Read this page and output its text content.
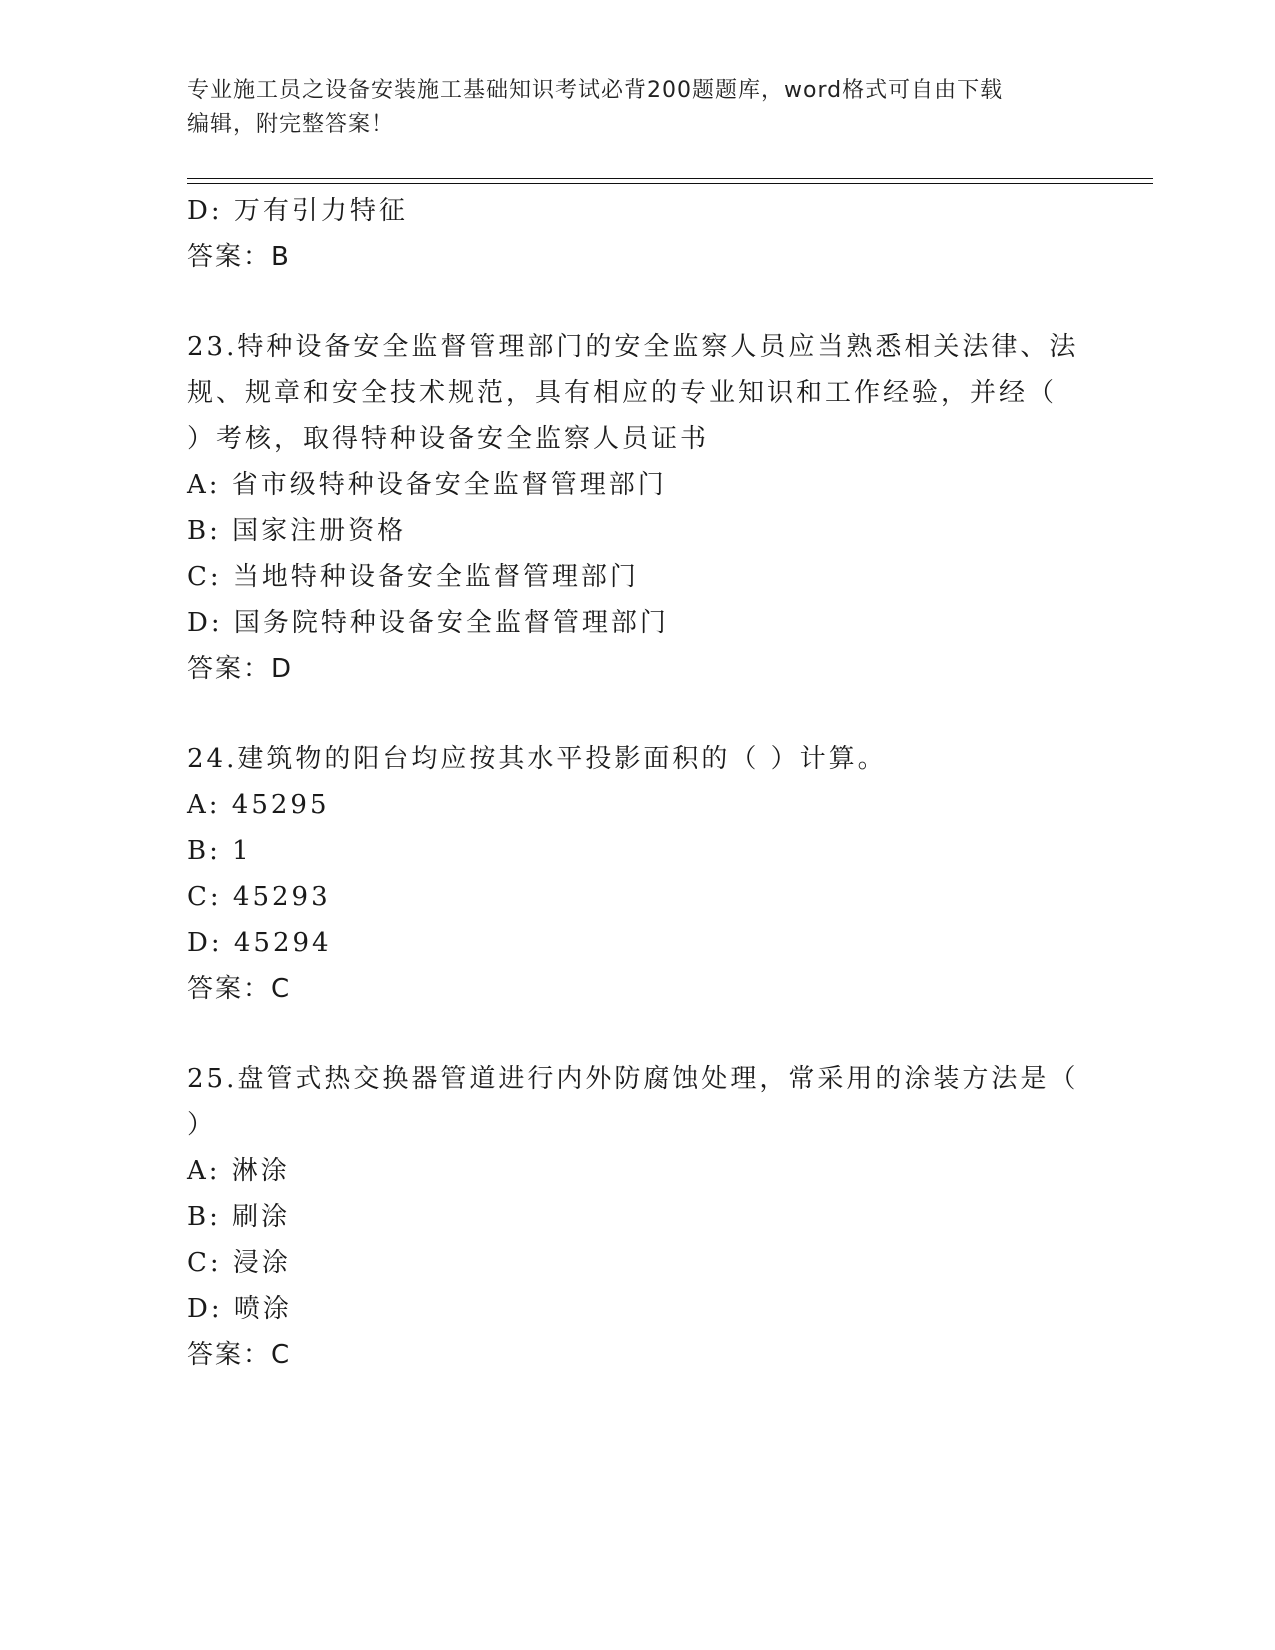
专业施工员之设备安装施工基础知识考试必背200题题库，word格式可自由下载
编辑，附完整答案！
D: 万有引力特征
答案：B
23.特种设备安全监督管理部门的安全监察人员应当熟悉相关法律、法
规、规章和安全技术规范，具有相应的专业知识和工作经验，并经（
）考核，取得特种设备安全监察人员证书
A: 省市级特种设备安全监督管理部门
B: 国家注册资格
C: 当地特种设备安全监督管理部门
D: 国务院特种设备安全监督管理部门
答案：D
24.建筑物的阳台均应按其水平投影面积的（ ）计算。
A: 45295
B: 1
C: 45293
D: 45294
答案：C
25.盘管式热交换器管道进行内外防腐蚀处理，常采用的涂装方法是（
）
A: 淋涂
B: 刷涂
C: 浸涂
D: 喷涂
答案：C
